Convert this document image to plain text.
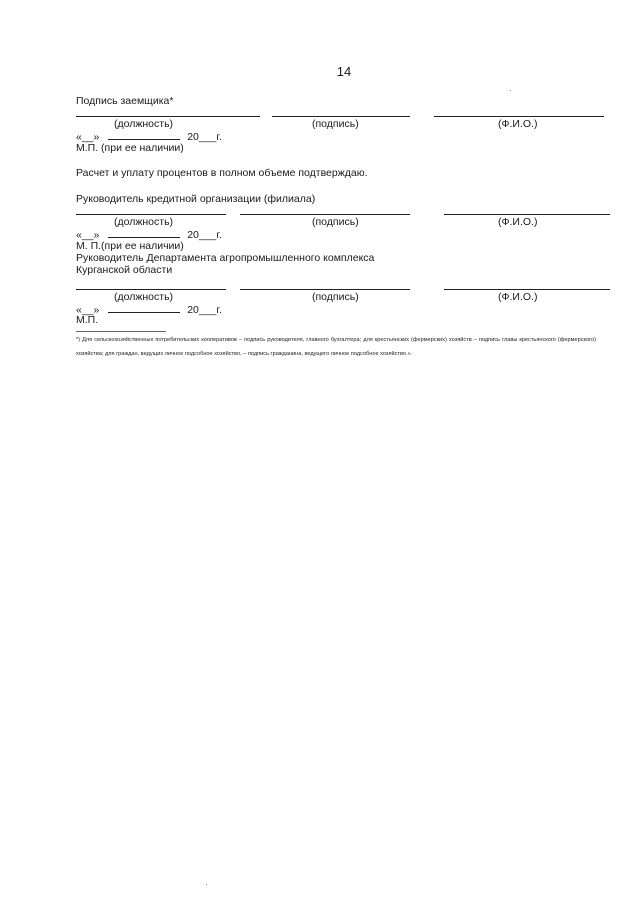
14
Подпись заемщика*
(должность)	(подпись)	(Ф.И.О.)
«__»	20___г.
М.П. (при ее наличии)
Расчет и уплату процентов в полном объеме подтверждаю.
Руководитель кредитной организации (филиала)
(должность)	(подпись)	(Ф.И.О.)
«__»	20___г.
М. П.(при ее наличии)
Руководитель Департамента агропромышленного комплекса
Курганской области
(должность)	(подпись)	(Ф.И.О.)
«__»	20___г.
М.П.
*) Для сельскохозяйственных потребительских кооперативов – подпись руководителя, главного бухгалтера; для крестьянских (фермерских) хозяйств – подпись главы крестьянского (фермерского) хозяйства; для граждан, ведущих личное подсобное хозяйство, – подпись гражданина, ведущего личное подсобное хозяйство.».
